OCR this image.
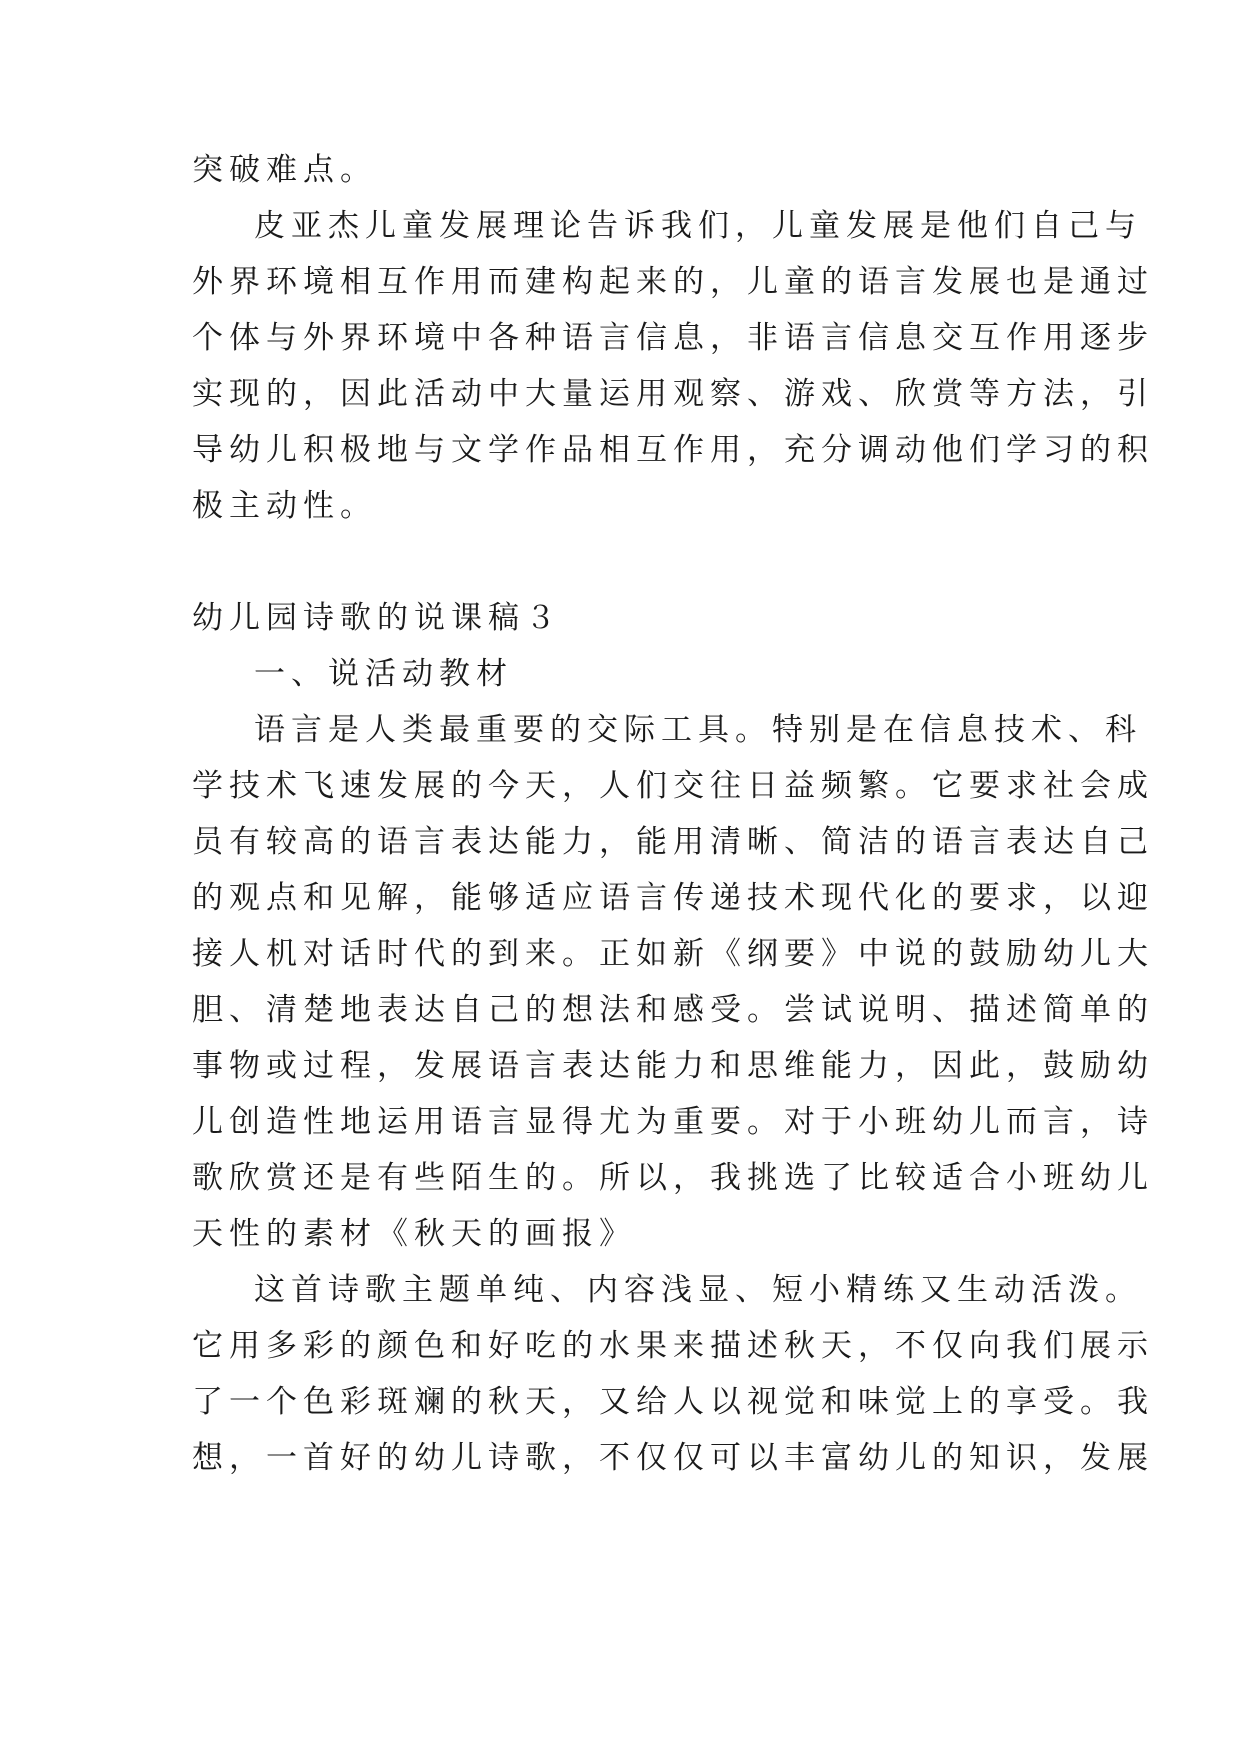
突破难点。
皮亚杰儿童发展理论告诉我们，儿童发展是他们自己与
外界环境相互作用而建构起来的，儿童的语言发展也是通过
个体与外界环境中各种语言信息，非语言信息交互作用逐步
实现的，因此活动中大量运用观察、游戏、欣赏等方法，引
导幼儿积极地与文学作品相互作用，充分调动他们学习的积
极主动性。
幼儿园诗歌的说课稿３
一、说活动教材
语言是人类最重要的交际工具。特别是在信息技术、科
学技术飞速发展的今天，人们交往日益频繁。它要求社会成
员有较高的语言表达能力，能用清晰、简洁的语言表达自己
的观点和见解，能够适应语言传递技术现代化的要求，以迎
接人机对话时代的到来。正如新《纲要》中说的鼓励幼儿大
胆、清楚地表达自己的想法和感受。尝试说明、描述简单的
事物或过程，发展语言表达能力和思维能力，因此，鼓励幼
儿创造性地运用语言显得尤为重要。对于小班幼儿而言，诗
歌欣赏还是有些陌生的。所以，我挑选了比较适合小班幼儿
天性的素材《秋天的画报》
这首诗歌主题单纯、内容浅显、短小精练又生动活泼。
它用多彩的颜色和好吃的水果来描述秋天，不仅向我们展示
了一个色彩斑斓的秋天，又给人以视觉和味觉上的享受。我
想，一首好的幼儿诗歌，不仅仅可以丰富幼儿的知识，发展
